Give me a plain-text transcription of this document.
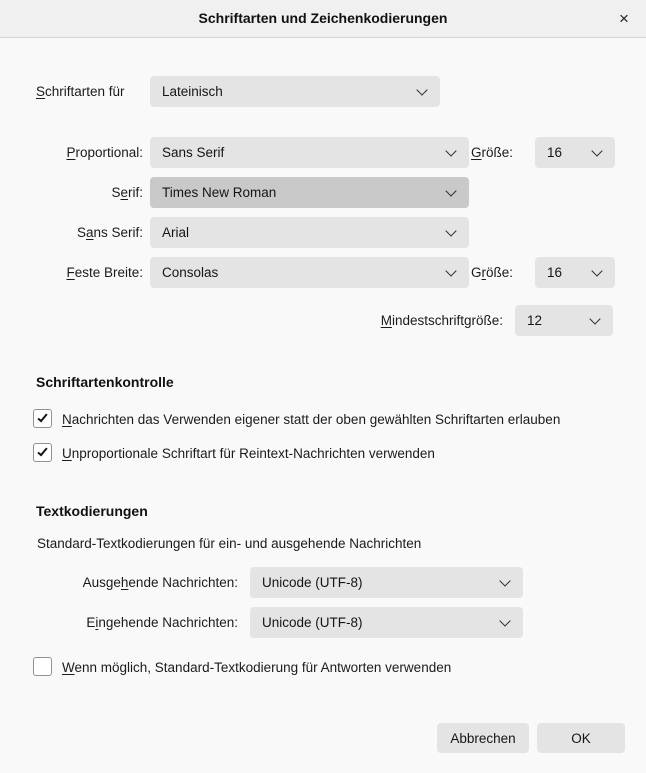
Schriftarten und Zeichenkodierungen	×
Schriftarten für	Lateinisch
Proportional:	Sans Serif	Größe:	16
Serif:	Times New Roman
Sans Serif:	Arial
Feste Breite:	Consolas	Größe:	16
Mindestschriftgröße:	12
Schriftartenkontrolle
Nachrichten das Verwenden eigener statt der oben gewählten Schriftarten erlauben
Unproportionale Schriftart für Reintext-Nachrichten verwenden
Textkodierungen
Standard-Textkodierungen für ein- und ausgehende Nachrichten
Ausgehende Nachrichten:	Unicode (UTF-8)
Eingehende Nachrichten:	Unicode (UTF-8)
Wenn möglich, Standard-Textkodierung für Antworten verwenden
Abbrechen	OK
